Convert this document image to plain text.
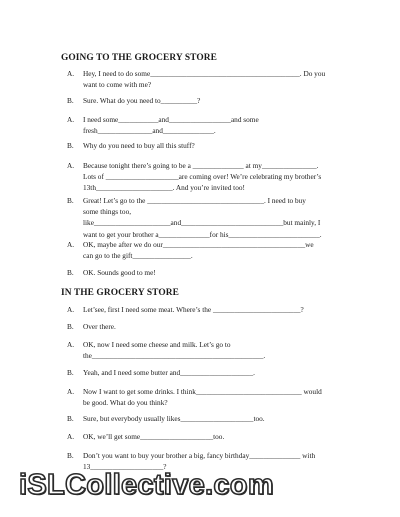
GOING TO THE GROCERY STORE
A. Hey, I need to do some_________________________________________. Do you
want to come with me?
B. Sure. What do you need to__________?
A. I need some___________and_________________and some
fresh_______________and______________.
B. Why do you need to buy all this stuff?
A. Because tonight there’s going to be a ______________ at my_______________.
Lots of ____________________are coming over! We’re celebrating my brother’s
13th_____________________. And you’re invited too!
B. Great! Let’s go to the ________________________________. I need to buy
some things too,
like_____________________and____________________________but mainly, I
want to get your brother a______________for his_________________________.
A. OK, maybe after we do our_______________________________________we
can go to the gift________________.
B. OK. Sounds good to me!
IN THE GROCERY STORE
A. Let’see, first I need some meat. Where’s the ________________________?
B. Over there.
A. OK, now I need some cheese and milk. Let’s go to
the_______________________________________________.
B. Yeah, and I need some butter and____________________.
A. Now I want to get some drinks. I think_____________________________ would
be good. What do you think?
B. Sure, but everybody usually likes____________________too.
A. OK, we’ll get some____________________too.
B. Don’t you want to buy your brother a big, fancy birthday______________ with
13____________________?
iSLCollective.com
